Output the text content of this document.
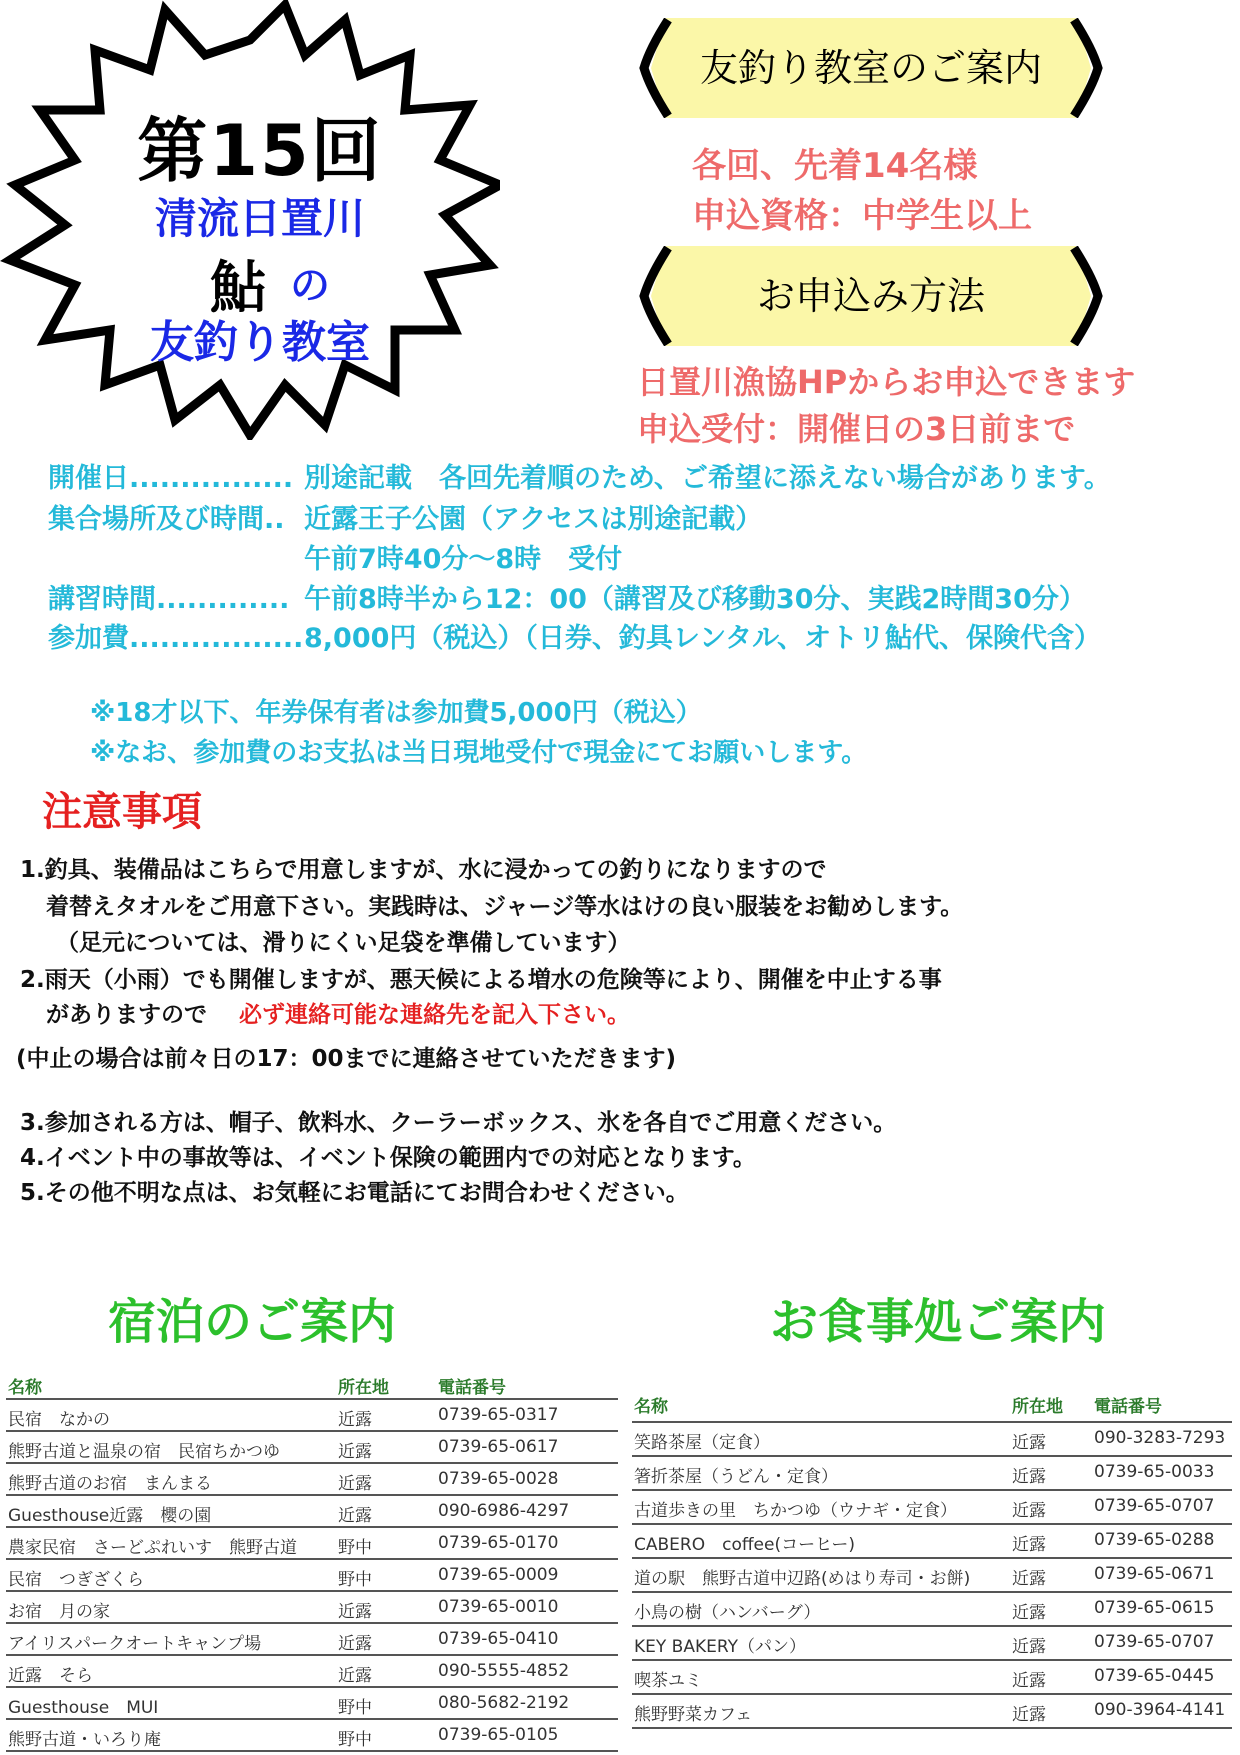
第15回
清流日置川
鮎 の
友釣り教室
友釣り教室のご案内
各回、先着14名様
申込資格：中学生以上
お申込み方法
日置川漁協HPからお申込できます
申込受付：開催日の3日前まで
開催日................ 別途記載　各回先着順のため、ご希望に添えない場合があります。
集合場所及び時間.. 近露王子公園（アクセスは別途記載）
午前7時40分～8時　受付
講習時間............. 午前8時半から12：00（講習及び移動30分、実践2時間30分）
参加費.................8,000円（税込）（日券、釣具レンタル、オトリ鮎代、保険代含）
※18才以下、年券保有者は参加費5,000円（税込）
※なお、参加費のお支払は当日現地受付で現金にてお願いします。
注意事項
1.釣具、装備品はこちらで用意しますが、水に浸かっての釣りになりますので
着替えタオルをご用意下さい。実践時は、ジャージ等水はけの良い服装をお勧めします。
（足元については、滑りにくい足袋を準備しています）
2.雨天（小雨）でも開催しますが、悪天候による増水の危険等により、開催を中止する事
がありますので 必ず連絡可能な連絡先を記入下さい。
(中止の場合は前々日の17：00までに連絡させていただきます)
3.参加される方は、帽子、飲料水、クーラーボックス、氷を各自でご用意ください。
4.イベント中の事故等は、イベント保険の範囲内での対応となります。
5.その他不明な点は、お気軽にお電話にてお問合わせください。
宿泊のご案内	お食事処ご案内
名称	所在地	電話番号
民宿　なかの	近露	0739-65-0317
熊野古道と温泉の宿　民宿ちかつゆ	近露	0739-65-0617
熊野古道のお宿　まんまる	近露	0739-65-0028
Guesthouse近露　櫻の園	近露	090-6986-4297
農家民宿　さーどぷれいす　熊野古道	野中	0739-65-0170
民宿　つぎざくら	野中	0739-65-0009
お宿　月の家	近露	0739-65-0010
アイリスパークオートキャンプ場	近露	0739-65-0410
近露　そら	近露	090-5555-4852
Guesthouse　MUI	野中	080-5682-2192
熊野古道・いろり庵	野中	0739-65-0105
名称	所在地	電話番号
笑路茶屋（定食）	近露	090-3283-7293
箸折茶屋（うどん・定食）	近露	0739-65-0033
古道歩きの里　ちかつゆ（ウナギ・定食）	近露	0739-65-0707
CABERO　coffee(コーヒー)	近露	0739-65-0288
道の駅　熊野古道中辺路(めはり寿司・お餅)	近露	0739-65-0671
小鳥の樹（ハンバーグ）	近露	0739-65-0615
KEY BAKERY（パン）	近露	0739-65-0707
喫茶ユミ	近露	0739-65-0445
熊野野菜カフェ	近露	090-3964-4141
